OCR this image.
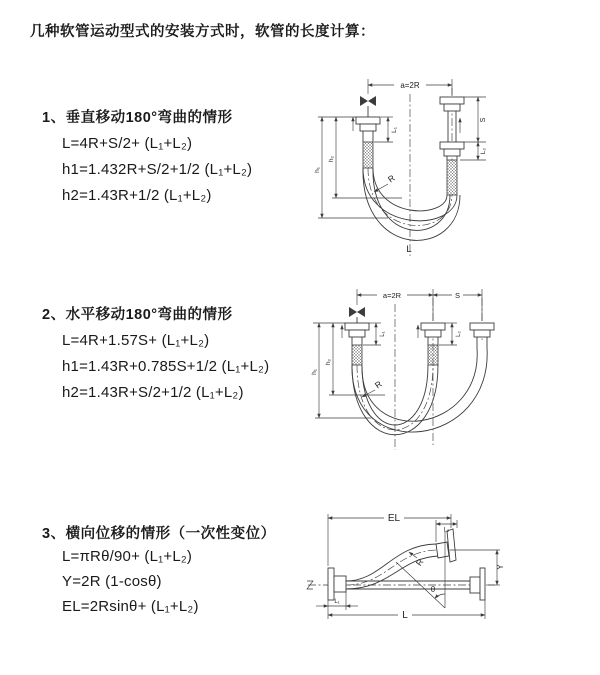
几种软管运动型式的安装方式时，软管的长度计算：
1、垂直移动180°弯曲的情形
L=4R+S/2+ (L₁+L₂)
h1=1.432R+S/2+1/2 (L₁+L₂)
h2=1.43R+1/2 (L₁+L₂)
2、水平移动180°弯曲的情形
L=4R+1.57S+ (L₁+L₂)
h1=1.43R+0.785S+1/2 (L₁+L₂)
h2=1.43R+S/2+1/2 (L₁+L₂)
3、横向位移的情形（一次性变位）
L=πRθ/90+ (L₁+L₂)
Y=2R (1-cosθ)
EL=2Rsinθ+ (L₁+L₂)
a=2R
L₁
S
L₂
h₁
h₂
R
L
a=2R	S
L₁	L₂
h₁
h₂
R
EL
L₂
Y
θ
R
L₁
L
